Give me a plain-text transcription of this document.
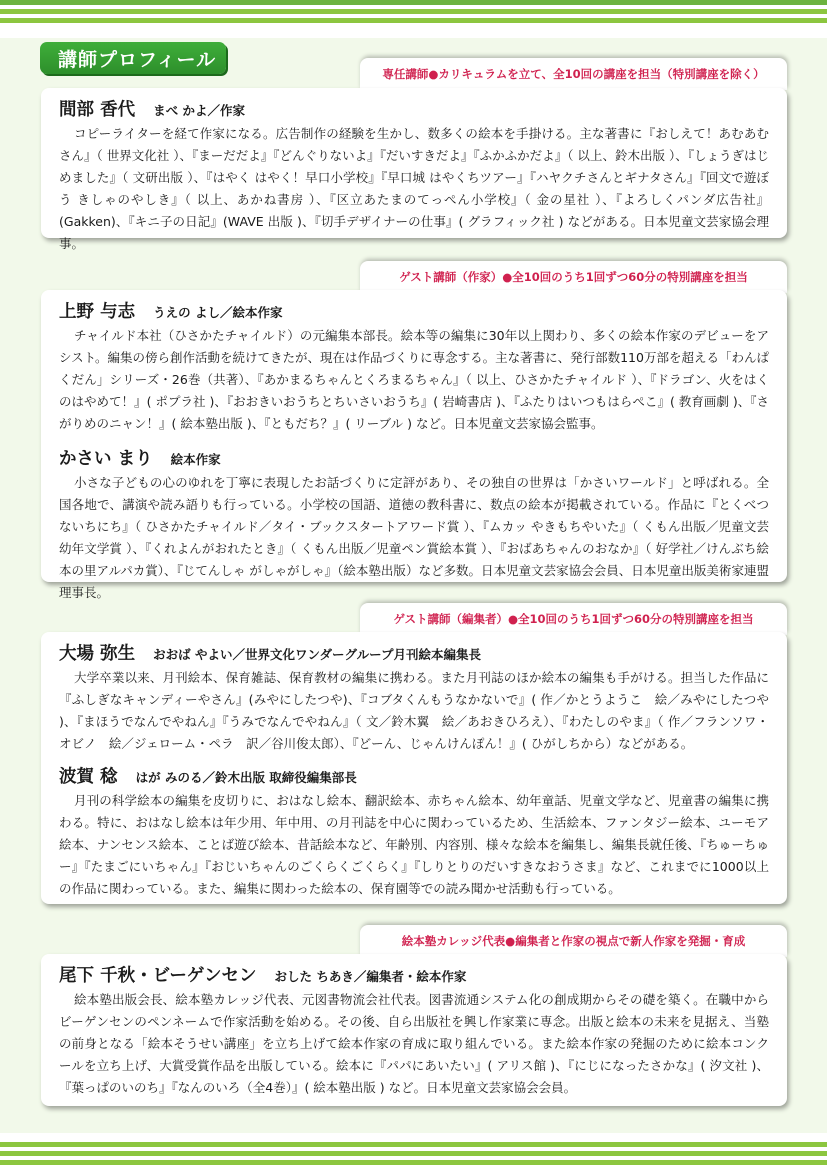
講師プロフィール
専任講師●カリキュラムを立て、全10回の講座を担当（特別講座を除く）
間部 香代 まべ かよ／作家

コピーライターを経て作家になる。広告制作の経験を生かし、数多くの絵本を手掛ける。主な著書に『おしえて！あむあむさん』（ 世界文化社 ）、『まーだだよ』『どんぐりないよ』『だいすきだよ』『ふかふかだよ』（ 以上、鈴木出版 ）、『しょうぎはじめました』（ 文研出版 ）、『はやく はやく！早口小学校』『早口城 はやくちツアー』『ハヤクチさんとギナタさん』『回文で遊ぼう きしゃのやしき』（ 以上、あかね書房 ）、『区立あたまのてっぺん小学校』（ 金の星社 ）、『よろしくパンダ広告社』(Gakken)、『キニ子の日記』(WAVE 出版 )、『切手デザイナーの仕事』( グラフィック社 ) などがある。日本児童文芸家協会理事。

ゲスト講師（作家）●全10回のうち1回ずつ60分の特別講座を担当
上野 与志 うえの よし／絵本作家

チャイルド本社（ひさかたチャイルド）の元編集本部長。絵本等の編集に30年以上関わり、多くの絵本作家のデビューをアシスト。編集の傍ら創作活動を続けてきたが、現在は作品づくりに専念する。主な著書に、発行部数110万部を超える「わんぱくだん」シリーズ・26巻（共著）、『あかまるちゃんとくろまるちゃん』（ 以上、ひさかたチャイルド ）、『ドラゴン、火をはくのはやめて！』( ポプラ社 )、『おおきいおうちとちいさいおうち』( 岩崎書店 )、『ふたりはいつもはらぺこ』( 教育画劇 )、『さがりめのニャン！』( 絵本塾出版 )、『ともだち？』( リーブル ) など。日本児童文芸家協会監事。

かさい まり 絵本作家

小さな子どもの心のゆれを丁寧に表現したお話づくりに定評があり、その独自の世界は「かさいワールド」と呼ばれる。全国各地で、講演や読み語りも行っている。小学校の国語、道徳の教科書に、数点の絵本が掲載されている。作品に『とくべつないちにち』（ ひさかたチャイルド／タイ・ブックスタートアワード賞 ）、『ムカッ やきもちやいた』（ くもん出版／児童文芸幼年文学賞 ）、『くれよんがおれたとき』（ くもん出版／児童ペン賞絵本賞 ）、『おばあちゃんのおなか』（ 好学社／けんぶち絵本の里アルパカ賞）、『じてんしゃ がしゃがしゃ』（絵本塾出版）など多数。日本児童文芸家協会会員、日本児童出版美術家連盟理事長。

ゲスト講師（編集者）●全10回のうち1回ずつ60分の特別講座を担当
大場 弥生 おおば やよい／世界文化ワンダーグループ月刊絵本編集長

大学卒業以来、月刊絵本、保育雑誌、保育教材の編集に携わる。また月刊誌のほか絵本の編集も手がける。担当した作品に『ふしぎなキャンディーやさん』(みやにしたつや)、『コブタくんもうなかないで』( 作／かとうようこ　絵／みやにしたつや )、『まほうでなんでやねん』『うみでなんでやねん』（ 文／鈴木翼　絵／あおきひろえ）、『わたしのやま』（ 作／フランソワ・オビノ　絵／ジェローム・ペラ　訳／谷川俊太郎）、『どーん、じゃんけんぽん！』( ひがしちから）などがある。

波賀 稔 はが みのる／鈴木出版 取締役編集部長

月刊の科学絵本の編集を皮切りに、おはなし絵本、翻訳絵本、赤ちゃん絵本、幼年童話、児童文学など、児童書の編集に携わる。特に、おはなし絵本は年少用、年中用、の月刊誌を中心に関わっているため、生活絵本、ファンタジー絵本、ユーモア絵本、ナンセンス絵本、ことば遊び絵本、昔話絵本など、年齢別、内容別、様々な絵本を編集し、編集長就任後、『ちゅーちゅー』『たまごにいちゃん』『おじいちゃんのごくらくごくらく』『しりとりのだいすきなおうさま』など、これまでに1000以上の作品に関わっている。また、編集に関わった絵本の、保育園等での読み聞かせ活動も行っている。

絵本塾カレッジ代表●編集者と作家の視点で新人作家を発掘・育成
尾下 千秋・ビーゲンセン おした ちあき／編集者・絵本作家

絵本塾出版会長、絵本塾カレッジ代表、元図書物流会社代表。図書流通システム化の創成期からその礎を築く。在職中からビーゲンセンのペンネームで作家活動を始める。その後、自ら出版社を興し作家業に専念。出版と絵本の未来を見据え、当塾の前身となる「絵本そうせい講座」を立ち上げて絵本作家の育成に取り組んでいる。また絵本作家の発掘のために絵本コンクールを立ち上げ、大賞受賞作品を出版している。絵本に『パパにあいたい』( アリス館 )、『にじになったさかな』( 汐文社 )、『葉っぱのいのち』『なんのいろ（全4巻）』( 絵本塾出版 ) など。日本児童文芸家協会会員。
